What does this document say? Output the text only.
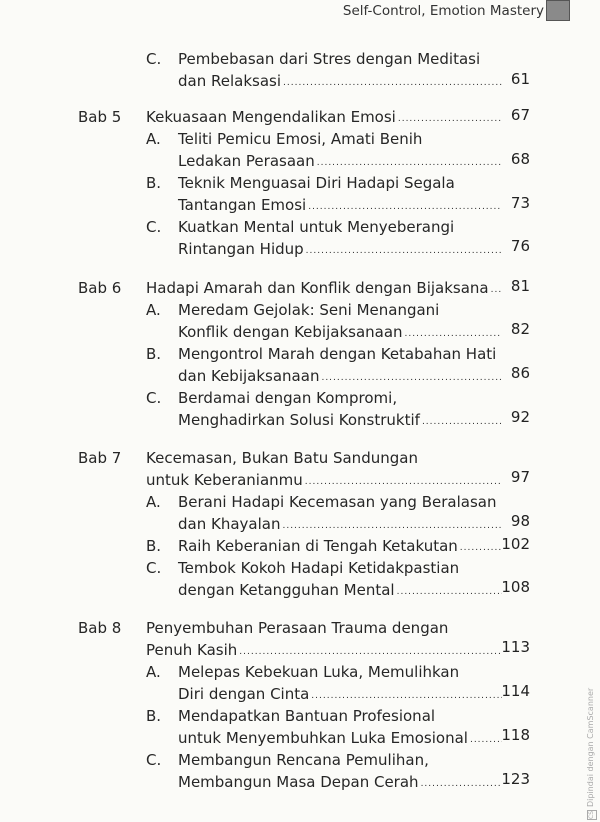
Self-Control, Emotion Mastery
C. Pembebasan dari Stres dengan Meditasi
dan Relaksasi .....	61
Bab 5 Kekuasaan Mengendalikan Emosi .....	67
A. Teliti Pemicu Emosi, Amati Benih
Ledakan Perasaan .....	68
B. Teknik Menguasai Diri Hadapi Segala
Tantangan Emosi .....	73
C. Kuatkan Mental untuk Menyeberangi
Rintangan Hidup .....	76
Bab 6 Hadapi Amarah dan Konflik dengan Bijaksana .....	81
A. Meredam Gejolak: Seni Menangani
Konflik dengan Kebijaksanaan .....	82
B. Mengontrol Marah dengan Ketabahan Hati
dan Kebijaksanaan .....	86
C. Berdamai dengan Kompromi,
Menghadirkan Solusi Konstruktif .....	92
Bab 7 Kecemasan, Bukan Batu Sandungan
untuk Keberanianmu .....	97
A. Berani Hadapi Kecemasan yang Beralasan
dan Khayalan .....	98
B. Raih Keberanian di Tengah Ketakutan .....	102
C. Tembok Kokoh Hadapi Ketidakpastian
dengan Ketangguhan Mental .....	108
Bab 8 Penyembuhan Perasaan Trauma dengan
Penuh Kasih .....	113
A. Melepas Kebekuan Luka, Memulihkan
Diri dengan Cinta .....	114
B. Mendapatkan Bantuan Profesional
untuk Menyembuhkan Luka Emosional .....	118
C. Membangun Rencana Pemulihan,
Membangun Masa Depan Cerah .....	123
CSDipindai dengan CamScanner
